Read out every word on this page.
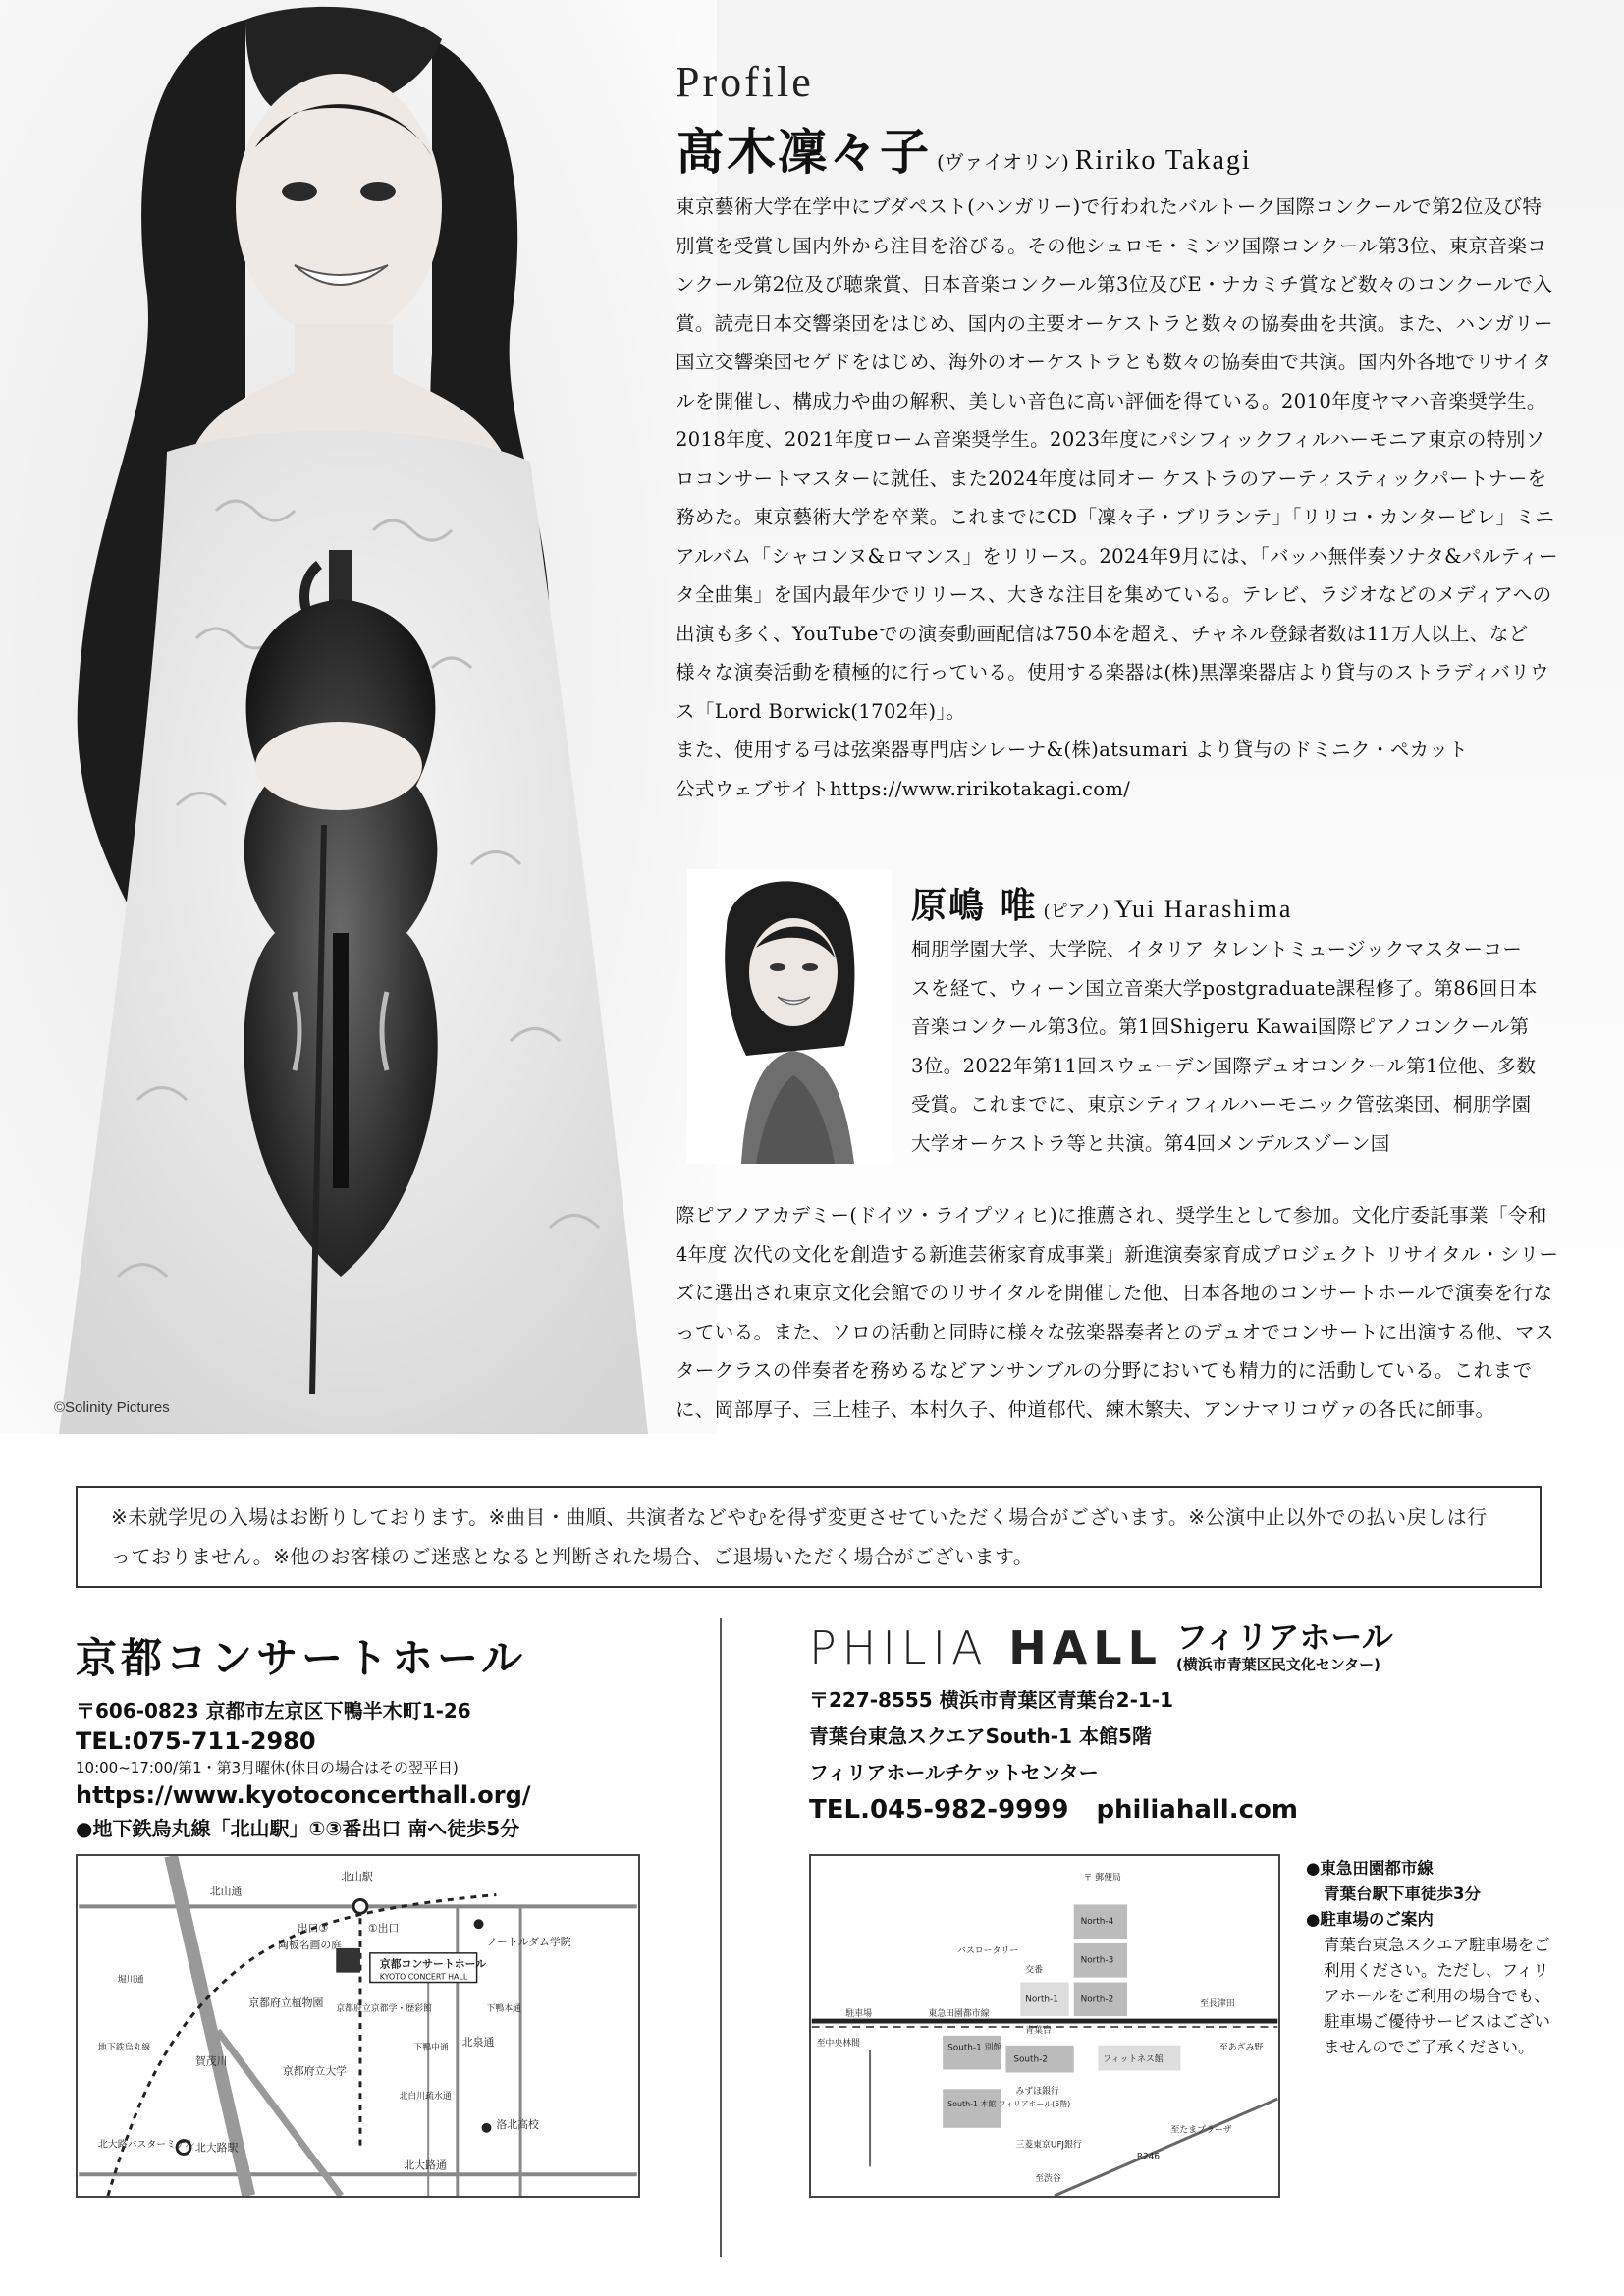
©Solinity Pictures
Profile
髙木凜々子 (ヴァイオリン) Ririko Takagi

東京藝術大学在学中にブダペスト(ハンガリー)で行われたバルトーク国際コンクールで第2位及び特別賞を受賞し国内外から注目を浴びる。その他シュロモ・ミンツ国際コンクール第3位、東京音楽コンクール第2位及び聴衆賞、日本音楽コンクール第3位及びE・ナカミチ賞など数々のコンクールで入賞。読売日本交響楽団をはじめ、国内の主要オーケストラと数々の協奏曲を共演。また、ハンガリー国立交響楽団セゲドをはじめ、海外のオーケストラとも数々の協奏曲で共演。国内外各地でリサイタルを開催し、構成力や曲の解釈、美しい音色に高い評価を得ている。2010年度ヤマハ音楽奨学生。2018年度、2021年度ローム音楽奨学生。2023年度にパシフィックフィルハーモニア東京の特別ソロコンサートマスターに就任、また2024年度は同オー ケストラのアーティスティックパートナーを務めた。東京藝術大学を卒業。これまでにCD「凜々子・ブリランテ」「リリコ・カンタービレ」ミニアルバム「シャコンヌ&ロマンス」をリリース。2024年9月には、「バッハ無伴奏ソナタ&パルティータ全曲集」を国内最年少でリリース、大きな注目を集めている。テレビ、ラジオなどのメディアへの出演も多く、YouTubeでの演奏動画配信は750本を超え、チャネル登録者数は11万人以上、など様々な演奏活動を積極的に行っている。使用する楽器は(株)黒澤楽器店より貸与のストラディバリウス「Lord Borwick(1702年)」。

また、使用する弓は弦楽器専門店シレーナ&(株)atsumari より貸与のドミニク・ペカット

公式ウェブサイトhttps://www.ririkotakagi.com/

原嶋 唯 (ピアノ) Yui Harashima

桐朋学園大学、大学院、イタリア タレントミュージックマスターコースを経て、ウィーン国立音楽大学postgraduate課程修了。第86回日本音楽コンクール第3位。第1回Shigeru Kawai国際ピアノコンクール第3位。2022年第11回スウェーデン国際デュオコンクール第1位他、多数受賞。これまでに、東京シティフィルハーモニック管弦楽団、桐朋学園大学オーケストラ等と共演。第4回メンデルスゾーン国

際ピアノアカデミー(ドイツ・ライプツィヒ)に推薦され、奨学生として参加。文化庁委託事業「令和4年度 次代の文化を創造する新進芸術家育成事業」新進演奏家育成プロジェクト リサイタル・シリーズに選出され東京文化会館でのリサイタルを開催した他、日本各地のコンサートホールで演奏を行なっている。また、ソロの活動と同時に様々な弦楽器奏者とのデュオでコンサートに出演する他、マスタークラスの伴奏者を務めるなどアンサンブルの分野においても精力的に活動している。これまでに、岡部厚子、三上桂子、本村久子、仲道郁代、練木繁夫、アンナマリコヴァの各氏に師事。

※未就学児の入場はお断りしております。※曲目・曲順、共演者などやむを得ず変更させていただく場合がございます。※公演中止以外での払い戻しは行っておりません。※他のお客様のご迷惑となると判断された場合、ご退場いただく場合がございます。
京都コンサートホール
〒606-0823 京都市左京区下鴨半木町1-26
TEL:075-711-2980
10:00~17:00/第1・第3月曜休(休日の場合はその翌平日)
https://www.kyotoconcerthall.org/
●地下鉄烏丸線「北山駅」①③番出口 南へ徒歩5分
北山通
北山駅
出口③	①出口
陶板名画の庭	ノートルダム学院
京都コンサートホール
KYOTO CONCERT HALL
京都府立植物園 京都府立京都学・歴彩館
賀茂川
北泉通
京都府立大学
北白川疏水通
下鴨中通
洛北高校
北大路バスターミナル 北大路駅
北大路通
地下鉄烏丸線
堀川通
下鴨本通
PHILIA HALL フィリアホール
(横浜市青葉区民文化センター)
〒227-8555 横浜市青葉区青葉台2-1-1
青葉台東急スクエアSouth-1 本館5階
フィリアホールチケットセンター
TEL.045-982-9999 philiahall.com
〒 郵便局
North-4
North-3
North-2
North-1
バスロータリー
交番
South-1 別館
South-2
South-1 本館 フィリアホール(5階)
東急田園都市線
青葉台
駐車場
フィットネス館
至長津田
みずほ銀行
三菱東京UFJ銀行
R246
至たまプラーザ
至渋谷
至中央林間	至あざみ野
●東急田園都市線
青葉台駅下車徒歩3分
●駐車場のご案内
青葉台東急スクエア駐車場をご利用ください。ただし、フィリアホールをご利用の場合でも、駐車場ご優待サービスはございませんのでご了承ください。
